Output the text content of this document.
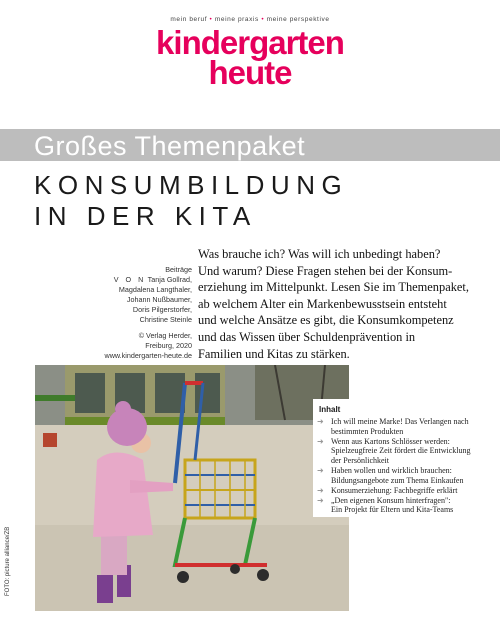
mein beruf • meine praxis • meine perspektive
kindergarten
heute
Großes Themenpaket
KONSUMBILDUNG
IN DER KITA
Beiträge
V O N Tanja Gollrad,
Magdalena Langthaler,
Johann Nußbaumer,
Doris Pilgerstorfer,
Christine Steinle
© Verlag Herder,
Freiburg, 2020
www.kindergarten-heute.de
Was brauche ich? Was will ich unbedingt haben?
Und warum? Diese Fragen stehen bei der Konsum-
erziehung im Mittelpunkt. Lesen Sie im Themenpaket,
ab welchem Alter ein Markenbewusstsein entsteht
und welche Ansätze es gibt, die Konsumkompetenz
und das Wissen über Schuldenprävention in
Familien und Kitas zu stärken.
FOTO: picture alliance/ZB
Inhalt
➜ Ich will meine Marke! Das Verlangen nach
bestimmten Produkten
➜ Wenn aus Kartons Schlösser werden:
Spielzeugfreie Zeit fördert die Entwicklung
der Persönlichkeit
➜ Haben wollen und wirklich brauchen:
Bildungsangebote zum Thema Einkaufen
➜ Konsumerziehung: Fachbegriffe erklärt
➜ „Den eigenen Konsum hinterfragen":
Ein Projekt für Eltern und Kita-Teams
